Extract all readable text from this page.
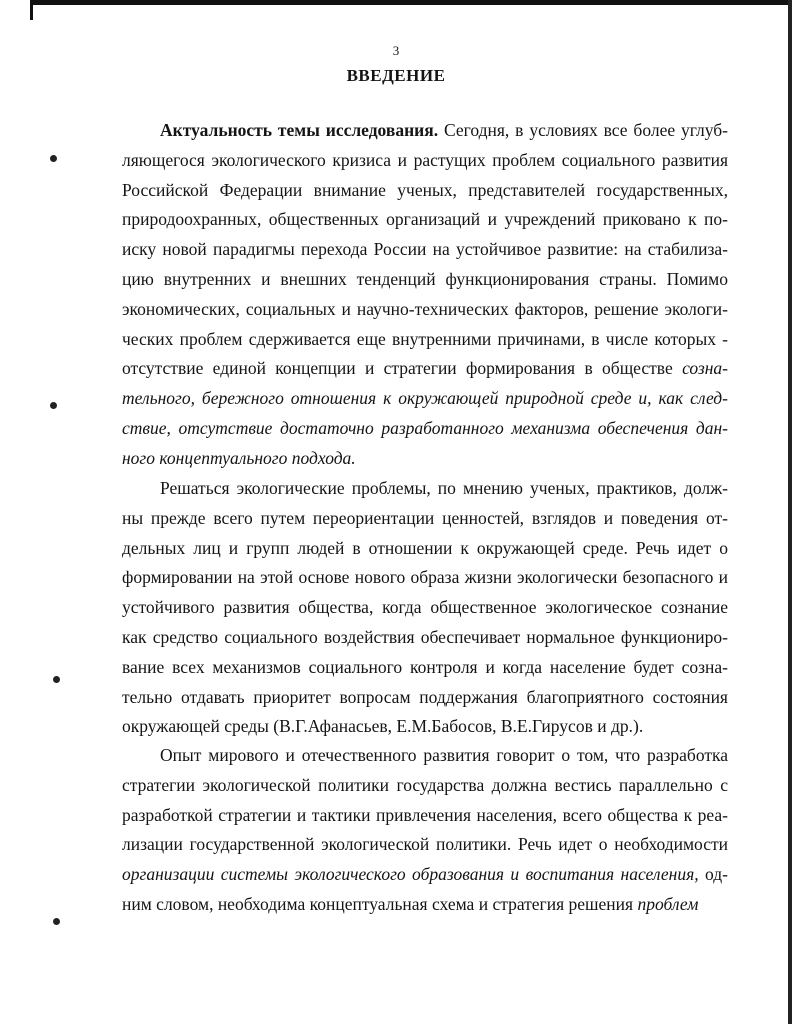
3
ВВЕДЕНИЕ
Актуальность темы исследования. Сегодня, в условиях все более углуб-
ляющегося экологического кризиса и растущих проблем социального развития
Российской Федерации внимание ученых, представителей государственных,
природоохранных, общественных организаций и учреждений приковано к по-
иску новой парадигмы перехода России на устойчивое развитие: на стабилиза-
цию внутренних и внешних тенденций функционирования страны. Помимо
экономических, социальных и научно-технических факторов, решение экологи-
ческих проблем сдерживается еще внутренними причинами, в числе которых -
отсутствие единой концепции и стратегии формирования в обществе созна-
тельного, бережного отношения к окружающей природной среде и, как след-
ствие, отсутствие достаточно разработанного механизма обеспечения дан-
ного концептуального подхода.
Решаться экологические проблемы, по мнению ученых, практиков, долж-
ны прежде всего путем переориентации ценностей, взглядов и поведения от-
дельных лиц и групп людей в отношении к окружающей среде. Речь идет о
формировании на этой основе нового образа жизни экологически безопасного и
устойчивого развития общества, когда общественное экологическое сознание
как средство социального воздействия обеспечивает нормальное функциониро-
вание всех механизмов социального контроля и когда население будет созна-
тельно отдавать приоритет вопросам поддержания благоприятного состояния
окружающей среды (В.Г.Афанасьев, Е.М.Бабосов, В.Е.Гирусов и др.).
Опыт мирового и отечественного развития говорит о том, что разработка
стратегии экологической политики государства должна вестись параллельно с
разработкой стратегии и тактики привлечения населения, всего общества к реа-
лизации государственной экологической политики. Речь идет о необходимости
организации системы экологического образования и воспитания населения, од-
ним словом, необходима концептуальная схема и стратегия решения проблем
